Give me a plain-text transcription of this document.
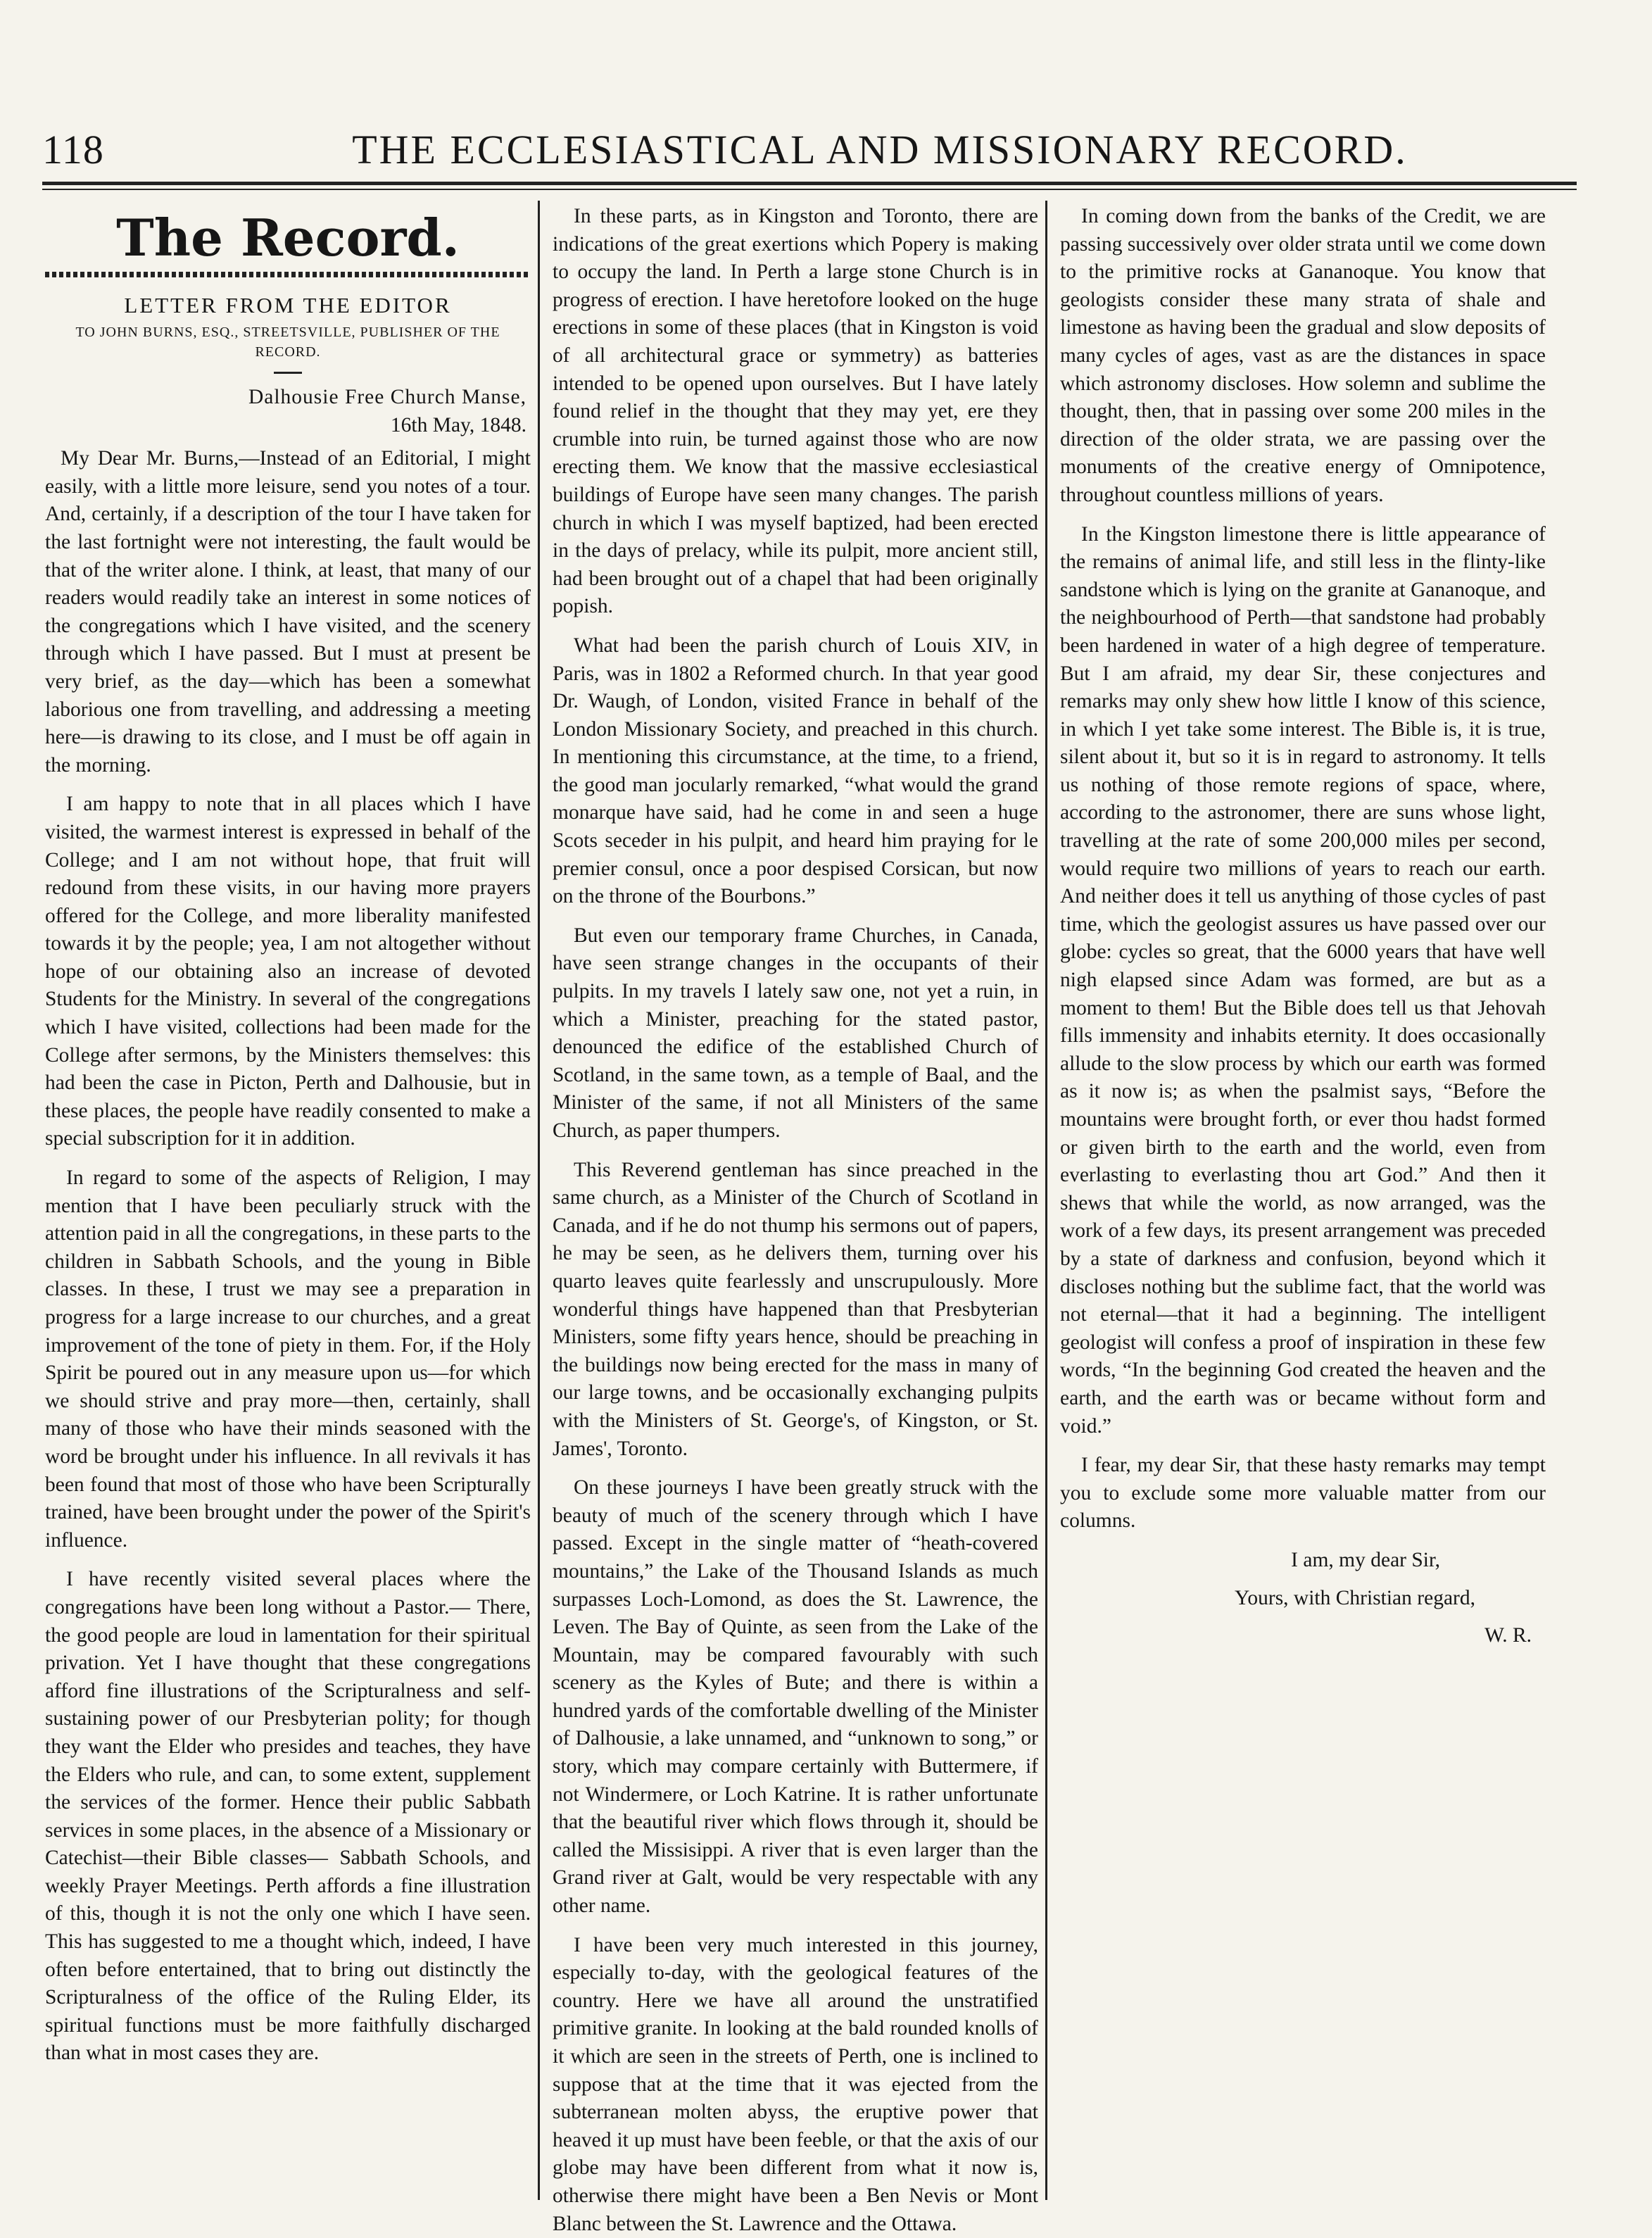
118	THE ECCLESIASTICAL AND MISSIONARY RECORD.
The Record.

LETTER FROM THE EDITOR

TO JOHN BURNS, ESQ., STREETSVILLE, PUBLISHER OF THE RECORD.

Dalhousie Free Church Manse,

16th May, 1848.

My Dear Mr. Burns,—Instead of an Editorial, I might easily, with a little more leisure, send you notes of a tour. And, certainly, if a description of the tour I have taken for the last fortnight were not interesting, the fault would be that of the writer alone. I think, at least, that many of our readers would readily take an interest in some notices of the congregations which I have visited, and the scenery through which I have passed. But I must at present be very brief, as the day—which has been a somewhat laborious one from travelling, and addressing a meeting here—is drawing to its close, and I must be off again in the morning.

I am happy to note that in all places which I have visited, the warmest interest is expressed in behalf of the College; and I am not without hope, that fruit will redound from these visits, in our having more prayers offered for the College, and more liberality manifested towards it by the people; yea, I am not altogether without hope of our obtaining also an increase of devoted Students for the Ministry. In several of the congregations which I have visited, collections had been made for the College after sermons, by the Ministers themselves: this had been the case in Picton, Perth and Dalhousie, but in these places, the people have readily consented to make a special subscription for it in addition.

In regard to some of the aspects of Religion, I may mention that I have been peculiarly struck with the attention paid in all the congregations, in these parts to the children in Sabbath Schools, and the young in Bible classes. In these, I trust we may see a preparation in progress for a large increase to our churches, and a great improvement of the tone of piety in them. For, if the Holy Spirit be poured out in any measure upon us—for which we should strive and pray more—then, certainly, shall many of those who have their minds seasoned with the word be brought under his influence. In all revivals it has been found that most of those who have been Scripturally trained, have been brought under the power of the Spirit's influence.

I have recently visited several places where the congregations have been long without a Pastor.— There, the good people are loud in lamentation for their spiritual privation. Yet I have thought that these congregations afford fine illustrations of the Scripturalness and self-sustaining power of our Presbyterian polity; for though they want the Elder who presides and teaches, they have the Elders who rule, and can, to some extent, supplement the services of the former. Hence their public Sabbath services in some places, in the absence of a Missionary or Catechist—their Bible classes— Sabbath Schools, and weekly Prayer Meetings. Perth affords a fine illustration of this, though it is not the only one which I have seen. This has suggested to me a thought which, indeed, I have often before entertained, that to bring out distinctly the Scripturalness of the office of the Ruling Elder, its spiritual functions must be more faithfully discharged than what in most cases they are.

In these parts, as in Kingston and Toronto, there are indications of the great exertions which Popery is making to occupy the land. In Perth a large stone Church is in progress of erection. I have heretofore looked on the huge erections in some of these places (that in Kingston is void of all architectural grace or symmetry) as batteries intended to be opened upon ourselves. But I have lately found relief in the thought that they may yet, ere they crumble into ruin, be turned against those who are now erecting them. We know that the massive ecclesiastical buildings of Europe have seen many changes. The parish church in which I was myself baptized, had been erected in the days of prelacy, while its pulpit, more ancient still, had been brought out of a chapel that had been originally popish.

What had been the parish church of Louis XIV, in Paris, was in 1802 a Reformed church. In that year good Dr. Waugh, of London, visited France in behalf of the London Missionary Society, and preached in this church. In mentioning this circumstance, at the time, to a friend, the good man jocularly remarked, “what would the grand monarque have said, had he come in and seen a huge Scots seceder in his pulpit, and heard him praying for le premier consul, once a poor despised Corsican, but now on the throne of the Bourbons.”

But even our temporary frame Churches, in Canada, have seen strange changes in the occupants of their pulpits. In my travels I lately saw one, not yet a ruin, in which a Minister, preaching for the stated pastor, denounced the edifice of the established Church of Scotland, in the same town, as a temple of Baal, and the Minister of the same, if not all Ministers of the same Church, as paper thumpers.

This Reverend gentleman has since preached in the same church, as a Minister of the Church of Scotland in Canada, and if he do not thump his sermons out of papers, he may be seen, as he delivers them, turning over his quarto leaves quite fearlessly and unscrupulously. More wonderful things have happened than that Presbyterian Ministers, some fifty years hence, should be preaching in the buildings now being erected for the mass in many of our large towns, and be occasionally exchanging pulpits with the Ministers of St. George's, of Kingston, or St. James', Toronto.

On these journeys I have been greatly struck with the beauty of much of the scenery through which I have passed. Except in the single matter of “heath-covered mountains,” the Lake of the Thousand Islands as much surpasses Loch-Lomond, as does the St. Lawrence, the Leven. The Bay of Quinte, as seen from the Lake of the Mountain, may be compared favourably with such scenery as the Kyles of Bute; and there is within a hundred yards of the comfortable dwelling of the Minister of Dalhousie, a lake unnamed, and “unknown to song,” or story, which may compare certainly with Buttermere, if not Windermere, or Loch Katrine. It is rather unfortunate that the beautiful river which flows through it, should be called the Missisippi. A river that is even larger than the Grand river at Galt, would be very respectable with any other name.

I have been very much interested in this journey, especially to-day, with the geological features of the country. Here we have all around the unstratified primitive granite. In looking at the bald rounded knolls of it which are seen in the streets of Perth, one is inclined to suppose that at the time that it was ejected from the subterranean molten abyss, the eruptive power that heaved it up must have been feeble, or that the axis of our globe may have been different from what it now is, otherwise there might have been a Ben Nevis or Mont Blanc between the St. Lawrence and the Ottawa.

In coming down from the banks of the Credit, we are passing successively over older strata until we come down to the primitive rocks at Gananoque. You know that geologists consider these many strata of shale and limestone as having been the gradual and slow deposits of many cycles of ages, vast as are the distances in space which astronomy discloses. How solemn and sublime the thought, then, that in passing over some 200 miles in the direction of the older strata, we are passing over the monuments of the creative energy of Omnipotence, throughout countless millions of years.

In the Kingston limestone there is little appearance of the remains of animal life, and still less in the flinty-like sandstone which is lying on the granite at Gananoque, and the neighbourhood of Perth—that sandstone had probably been hardened in water of a high degree of temperature. But I am afraid, my dear Sir, these conjectures and remarks may only shew how little I know of this science, in which I yet take some interest. The Bible is, it is true, silent about it, but so it is in regard to astronomy. It tells us nothing of those remote regions of space, where, according to the astronomer, there are suns whose light, travelling at the rate of some 200,000 miles per second, would require two millions of years to reach our earth. And neither does it tell us anything of those cycles of past time, which the geologist assures us have passed over our globe: cycles so great, that the 6000 years that have well nigh elapsed since Adam was formed, are but as a moment to them! But the Bible does tell us that Jehovah fills immensity and inhabits eternity. It does occasionally allude to the slow process by which our earth was formed as it now is; as when the psalmist says, “Before the mountains were brought forth, or ever thou hadst formed or given birth to the earth and the world, even from everlasting to everlasting thou art God.” And then it shews that while the world, as now arranged, was the work of a few days, its present arrangement was preceded by a state of darkness and confusion, beyond which it discloses nothing but the sublime fact, that the world was not eternal—that it had a beginning. The intelligent geologist will confess a proof of inspiration in these few words, “In the beginning God created the heaven and the earth, and the earth was or became without form and void.”

I fear, my dear Sir, that these hasty remarks may tempt you to exclude some more valuable matter from our columns.

I am, my dear Sir,

Yours, with Christian regard,

W. R.
